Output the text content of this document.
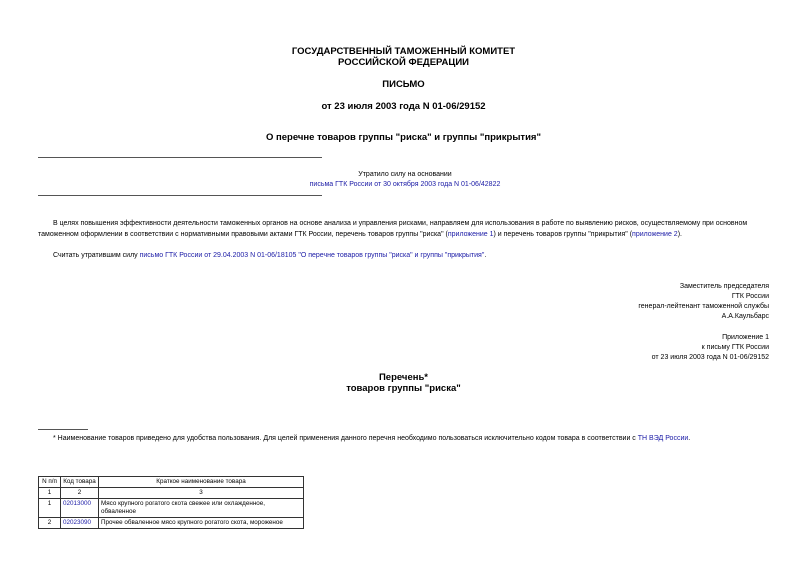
ГОСУДАРСТВЕННЫЙ ТАМОЖЕННЫЙ КОМИТЕТ
РОССИЙСКОЙ ФЕДЕРАЦИИ
ПИСЬМО
от 23 июля 2003 года N 01-06/29152
О перечне товаров группы "риска" и группы "прикрытия"
Утратило силу на основании
письма ГТК России от 30 октября 2003 года N 01-06/42822
В целях повышения эффективности деятельности таможенных органов на основе анализа и управления рисками, направляем для использования в работе по выявлению рисков, осуществляемому при основном таможенном оформлении в соответствии с нормативными правовыми актами ГТК России, перечень товаров группы "риска" (приложение 1) и перечень товаров группы "прикрытия" (приложение 2).
Считать утратившим силу письмо ГТК России от 29.04.2003 N 01-06/18105 "О перечне товаров группы "риска" и группы "прикрытия".
Заместитель председателя
ГТК России
генерал-лейтенант таможенной службы
А.А.Каульбарс
Приложение 1
к письму ГТК России
от 23 июля 2003 года N 01-06/29152
Перечень*
товаров группы "риска"
* Наименование товаров приведено для удобства пользования. Для целей применения данного перечня необходимо пользоваться исключительно кодом товара в соответствии с ТН ВЭД России.
N п/п	Код товара	Краткое наименование товара
1	2	3
1	02013000	Мясо крупного рогатого скота свежее или охлажденное, обваленное
2	02023090	Прочее обваленное мясо крупного рогатого скота, мороженое
